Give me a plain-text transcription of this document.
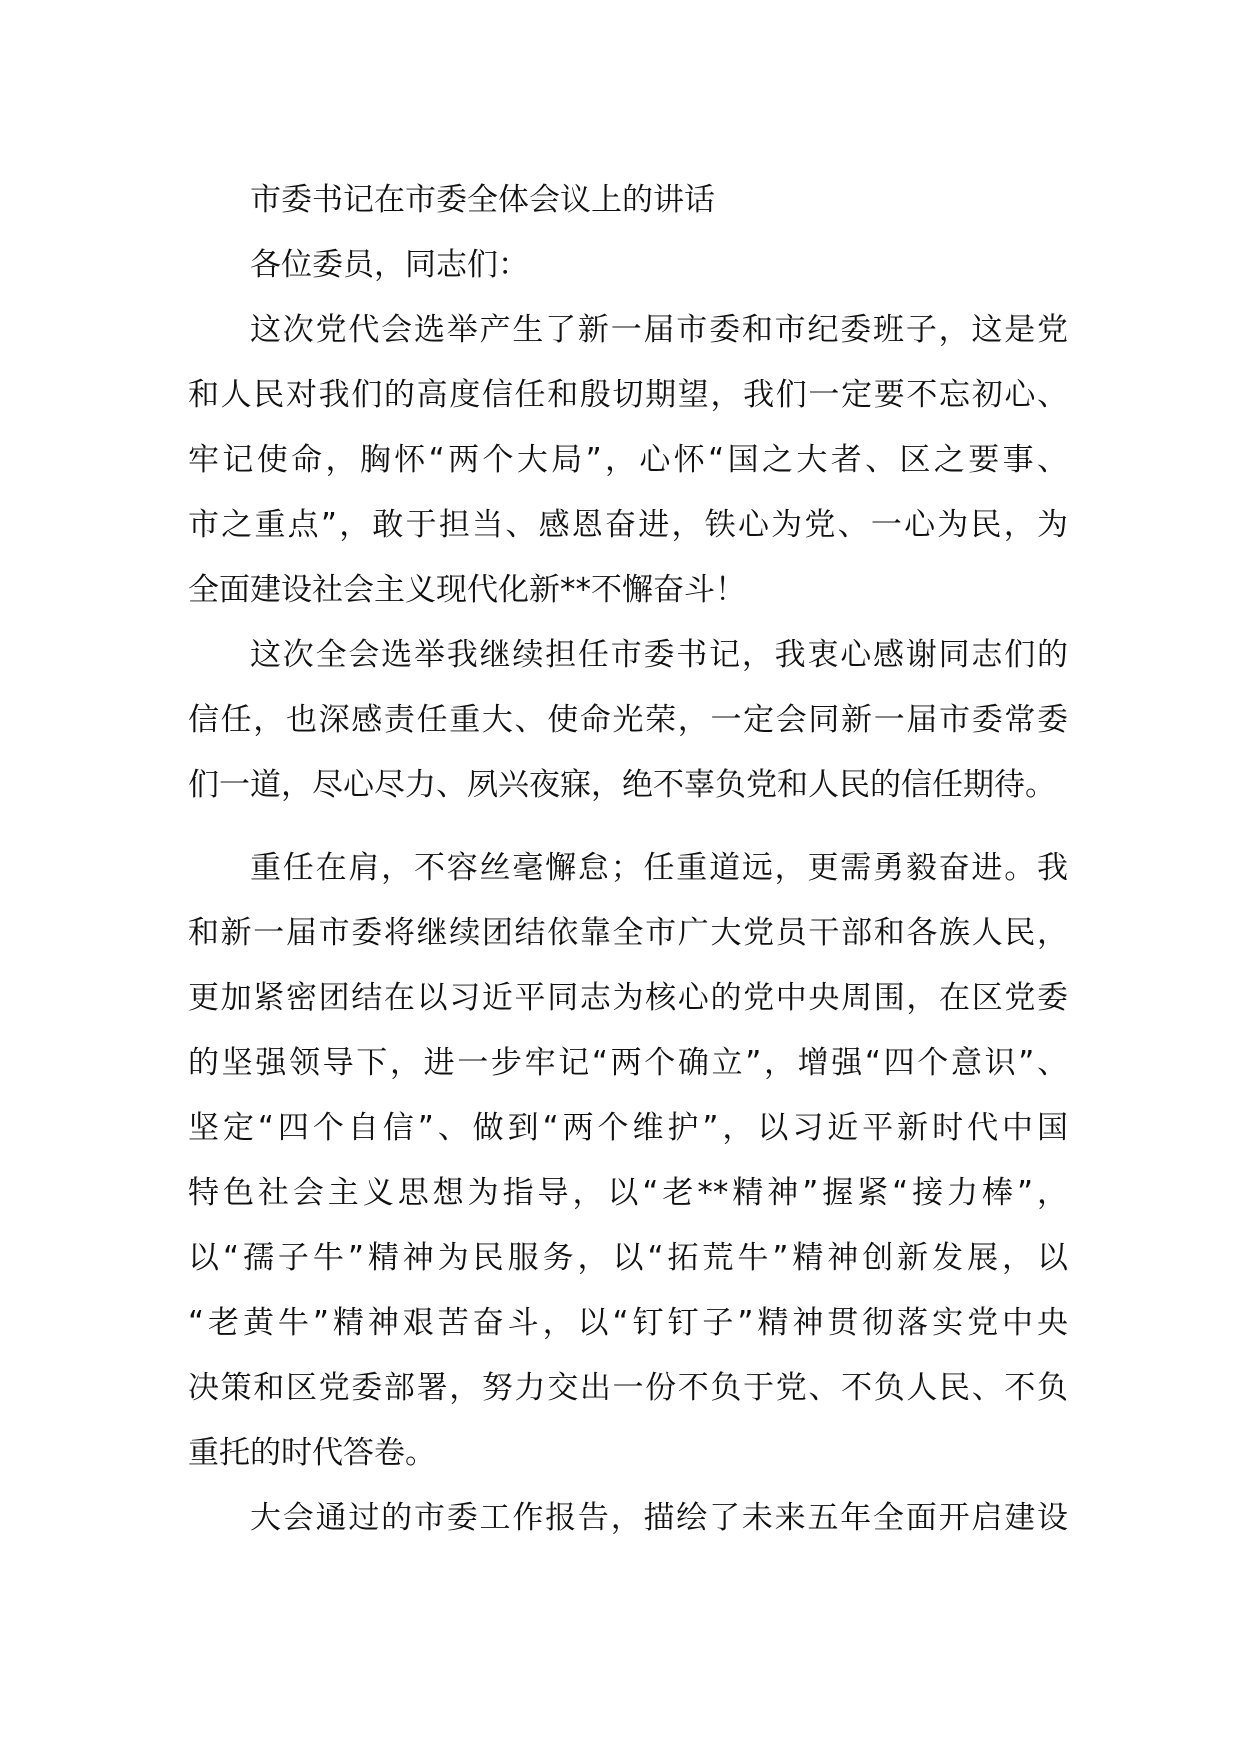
市委书记在市委全体会议上的讲话
各位委员，同志们：
这次党代会选举产生了新一届市委和市纪委班子，这是党
和人民对我们的高度信任和殷切期望，我们一定要不忘初心、
牢记使命，胸怀“两个大局”，心怀“国之大者、区之要事、
市之重点”，敢于担当、感恩奋进，铁心为党、一心为民，为
全面建设社会主义现代化新**不懈奋斗！
这次全会选举我继续担任市委书记，我衷心感谢同志们的
信任，也深感责任重大、使命光荣，一定会同新一届市委常委
们一道，尽心尽力、夙兴夜寐，绝不辜负党和人民的信任期待。
重任在肩，不容丝毫懈怠；任重道远，更需勇毅奋进。我
和新一届市委将继续团结依靠全市广大党员干部和各族人民，
更加紧密团结在以习近平同志为核心的党中央周围，在区党委
的坚强领导下，进一步牢记“两个确立”，增强“四个意识”、
坚定“四个自信”、做到“两个维护”，以习近平新时代中国
特色社会主义思想为指导，以“老**精神”握紧“接力棒”，
以“孺子牛”精神为民服务，以“拓荒牛”精神创新发展，以
“老黄牛”精神艰苦奋斗，以“钉钉子”精神贯彻落实党中央
决策和区党委部署，努力交出一份不负于党、不负人民、不负
重托的时代答卷。
大会通过的市委工作报告，描绘了未来五年全面开启建设
